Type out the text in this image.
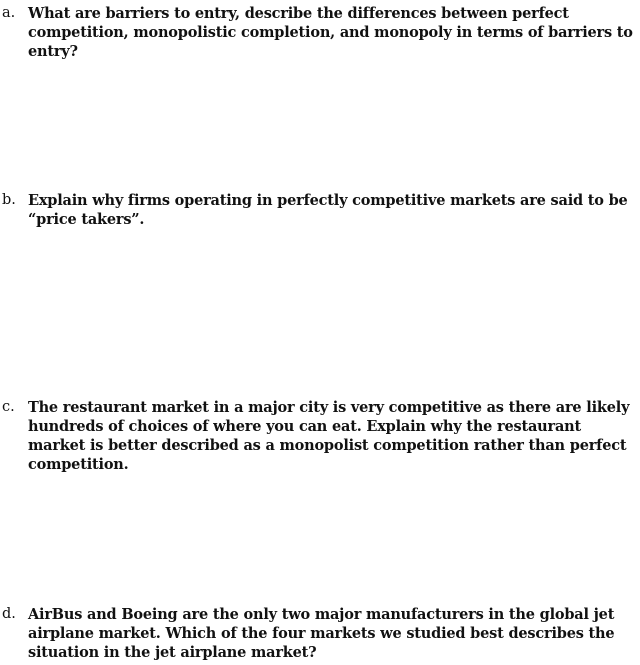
a. What are barriers to entry, describe the differences between perfect competition, monopolistic completion, and monopoly in terms of barriers to entry?
b. Explain why firms operating in perfectly competitive markets are said to be “price takers”.
c. The restaurant market in a major city is very competitive as there are likely hundreds of choices of where you can eat. Explain why the restaurant market is better described as a monopolist competition rather than perfect competition.
d. AirBus and Boeing are the only two major manufacturers in the global jet airplane market. Which of the four markets we studied best describes the situation in the jet airplane market?
